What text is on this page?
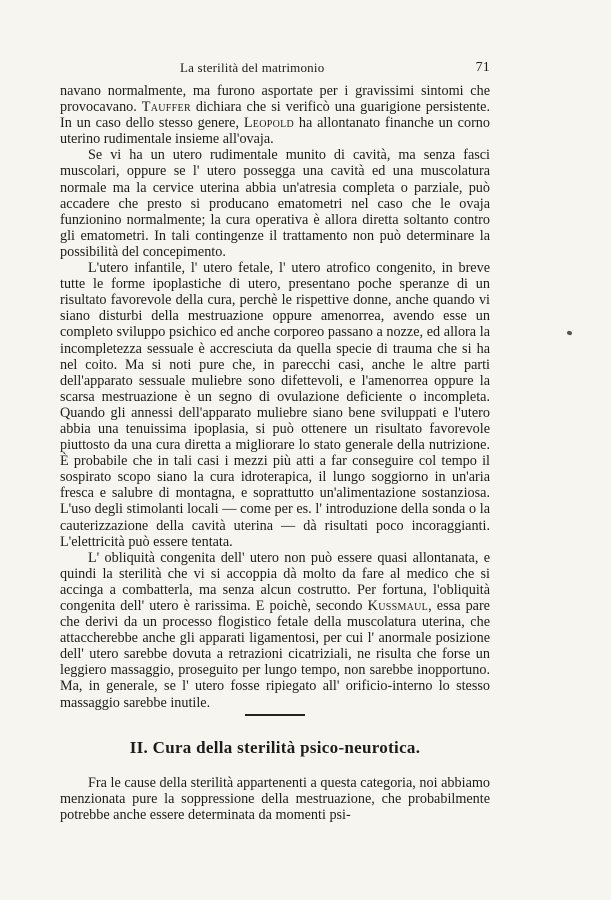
La sterilità del matrimonio	71

navano normalmente, ma furono asportate per i gravissimi sintomi che provocavano. Tauffer dichiara che si verificò una guarigione persistente. In un caso dello stesso genere, Leopold ha allontanato finanche un corno uterino rudimentale insieme all'ovaja.

Se vi ha un utero rudimentale munito di cavità, ma senza fasci muscolari, oppure se l' utero possegga una cavità ed una muscolatura normale ma la cervice uterina abbia un'atresia completa o parziale, può accadere che presto si producano ematometri nel caso che le ovaja funzionino normalmente; la cura operativa è allora diretta soltanto contro gli ematometri. In tali contingenze il trattamento non può determinare la possibilità del concepimento.

L'utero infantile, l' utero fetale, l' utero atrofico congenito, in breve tutte le forme ipoplastiche di utero, presentano poche speranze di un risultato favorevole della cura, perchè le rispettive donne, anche quando vi siano disturbi della mestruazione oppure amenorrea, avendo esse un completo sviluppo psichico ed anche corporeo passano a nozze, ed allora la incompletezza sessuale è accresciuta da quella specie di trauma che si ha nel coito. Ma si noti pure che, in parecchi casi, anche le altre parti dell'apparato sessuale muliebre sono difettevoli, e l'amenorrea oppure la scarsa mestruazione è un segno di ovulazione deficiente o incompleta. Quando gli annessi dell'apparato muliebre siano bene sviluppati e l'utero abbia una tenuissima ipoplasia, si può ottenere un risultato favorevole piuttosto da una cura diretta a migliorare lo stato generale della nutrizione. È probabile che in tali casi i mezzi più atti a far conseguire col tempo il sospirato scopo siano la cura idroterapica, il lungo soggiorno in un'aria fresca e salubre di montagna, e soprattutto un'alimentazione sostanziosa. L'uso degli stimolanti locali — come per es. l' introduzione della sonda o la cauterizzazione della cavità uterina — dà risultati poco incoraggianti. L'elettricità può essere tentata.

L' obliquità congenita dell' utero non può essere quasi allontanata, e quindi la sterilità che vi si accoppia dà molto da fare al medico che si accinga a combatterla, ma senza alcun costrutto. Per fortuna, l'obliquità congenita dell' utero è rarissima. E poichè, secondo Kussmaul, essa pare che derivi da un processo flogistico fetale della muscolatura uterina, che attaccherebbe anche gli apparati ligamentosi, per cui l' anormale posizione dell' utero sarebbe dovuta a retrazioni cicatriziali, ne risulta che forse un leggiero massaggio, proseguito per lungo tempo, non sarebbe inopportuno. Ma, in generale, se l' utero fosse ripiegato all' orificio-interno lo stesso massaggio sarebbe inutile.

II. Cura della sterilità psico-neurotica.

Fra le cause della sterilità appartenenti a questa categoria, noi abbiamo menzionata pure la soppressione della mestruazione, che probabilmente potrebbe anche essere determinata da momenti psi-
